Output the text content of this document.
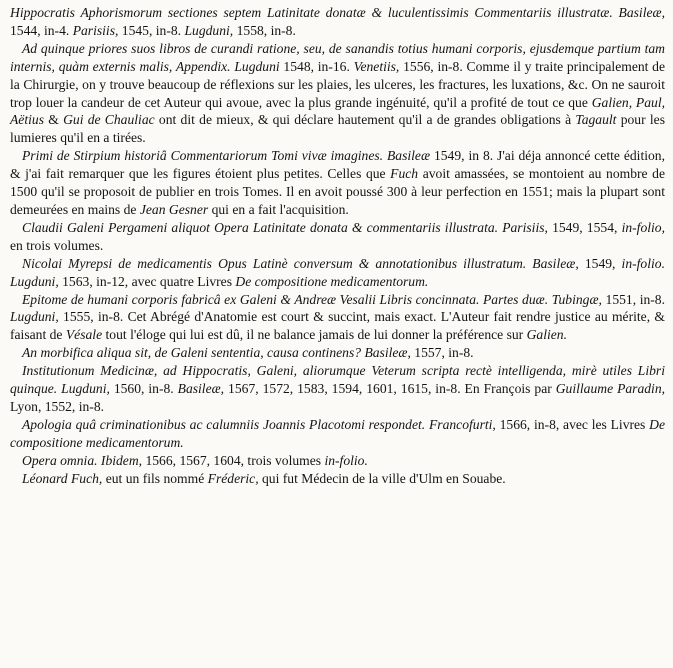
Hippocratis Aphorismorum sectiones septem Latinitate donatæ & luculentissimis Commentariis illustratæ. Basileæ, 1544, in-4. Parisiis, 1545, in-8. Lugduni, 1558, in-8.

Ad quinque priores suos libros de curandi ratione, seu, de sanandis totius humani corporis, ejusdemque partium tam internis, quàm externis malis, Appendix. Lugduni 1548, in-16. Venetiis, 1556, in-8. Comme il y traite principalement de la Chirurgie, on y trouve beaucoup de réflexions sur les plaies, les ulceres, les fractures, les luxations, &c. On ne sauroit trop louer la candeur de cet Auteur qui avoue, avec la plus grande ingénuité, qu'il a profité de tout ce que Galien, Paul, Aëtius & Gui de Chauliac ont dit de mieux, & qui déclare hautement qu'il a de grandes obligations à Tagault pour les lumieres qu'il en a tirées.

Primi de Stirpium historiâ Commentariorum Tomi vivæ imagines. Basileæ 1549, in 8. J'ai déja annoncé cette édition, & j'ai fait remarquer que les figures étoient plus petites. Celles que Fuch avoit amassées, se montoient au nombre de 1500 qu'il se proposoit de publier en trois Tomes. Il en avoit poussé 300 à leur perfection en 1551; mais la plupart sont demeurées en mains de Jean Gesner qui en a fait l'acquisition.

Claudii Galeni Pergameni aliquot Opera Latinitate donata & commentariis illustrata. Parisiis, 1549, 1554, in-folio, en trois volumes.

Nicolai Myrepsi de medicamentis Opus Latinè conversum & annotationibus illustratum. Basileæ, 1549, in-folio. Lugduni, 1563, in-12, avec quatre Livres De compositione medicamentorum.

Epitome de humani corporis fabricâ ex Galeni & Andreæ Vesalii Libris concinnata. Partes duæ. Tubingæ, 1551, in-8. Lugduni, 1555, in-8. Cet Abrégé d'Anatomie est court & succint, mais exact. L'Auteur fait rendre justice au mérite, & faisant de Vésale tout l'éloge qui lui est dû, il ne balance jamais de lui donner la préférence sur Galien.

An morbifica aliqua sit, de Galeni sententia, causa continens? Basileæ, 1557, in-8.

Institutionum Medicinæ, ad Hippocratis, Galeni, aliorumque Veterum scripta rectè intelligenda, mirè utiles Libri quinque. Lugduni, 1560, in-8. Basileæ, 1567, 1572, 1583, 1594, 1601, 1615, in-8. En François par Guillaume Paradin, Lyon, 1552, in-8.

Apologia quâ criminationibus ac calumniis Joannis Placotomi respondet. Francofurti, 1566, in-8, avec les Livres De compositione medicamentorum.

Opera omnia. Ibidem, 1566, 1567, 1604, trois volumes in-folio.

Léonard Fuch, eut un fils nommé Fréderic, qui fut Médecin de la ville d'Ulm en Souabe.
